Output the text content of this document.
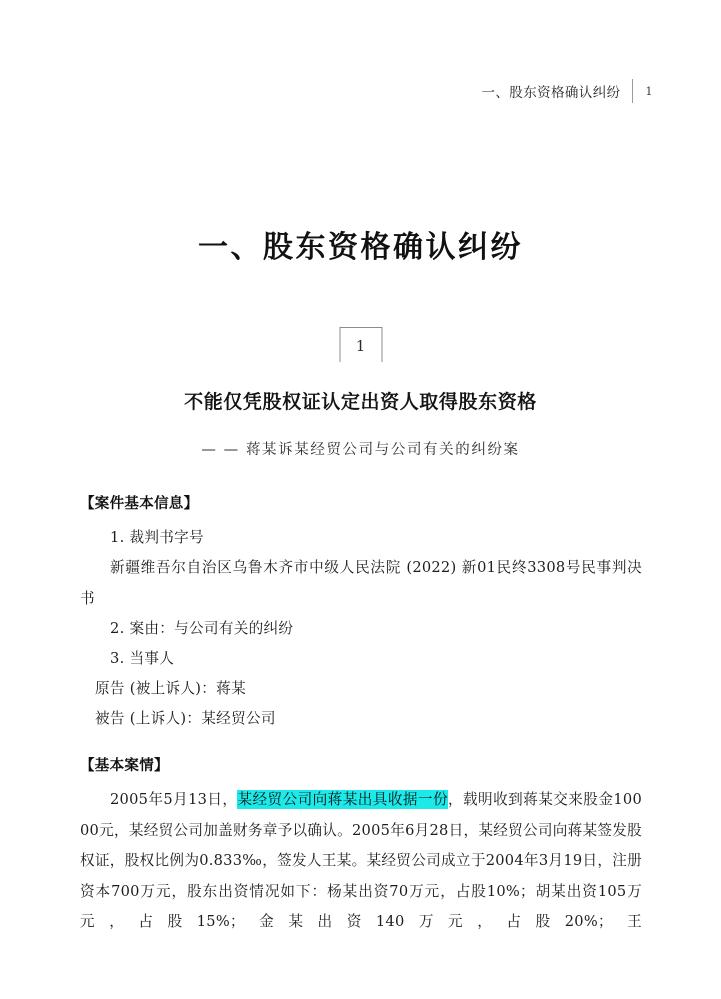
一、股东资格确认纠纷	1
一、股东资格确认纠纷
1
不能仅凭股权证认定出资人取得股东资格
— — 蒋某诉某经贸公司与公司有关的纠纷案

【案件基本信息】

1. 裁判书字号

新疆维吾尔自治区乌鲁木齐市中级人民法院 (2022) 新01民终3308号民事判决书

2. 案由：与公司有关的纠纷

3. 当事人

原告 (被上诉人)：蒋某

被告 (上诉人)：某经贸公司

【基本案情】

2005年5月13日，某经贸公司向蒋某出具收据一份，载明收到蒋某交来股金10000元，某经贸公司加盖财务章予以确认。2005年6月28日，某经贸公司向蒋某签发股权证，股权比例为0.833‰，签发人王某。某经贸公司成立于2004年3月19日，注册资本700万元，股东出资情况如下：杨某出资70万元，占股10%；胡某出资105万元，占股15%；金某出资140万元，占股20%；王
